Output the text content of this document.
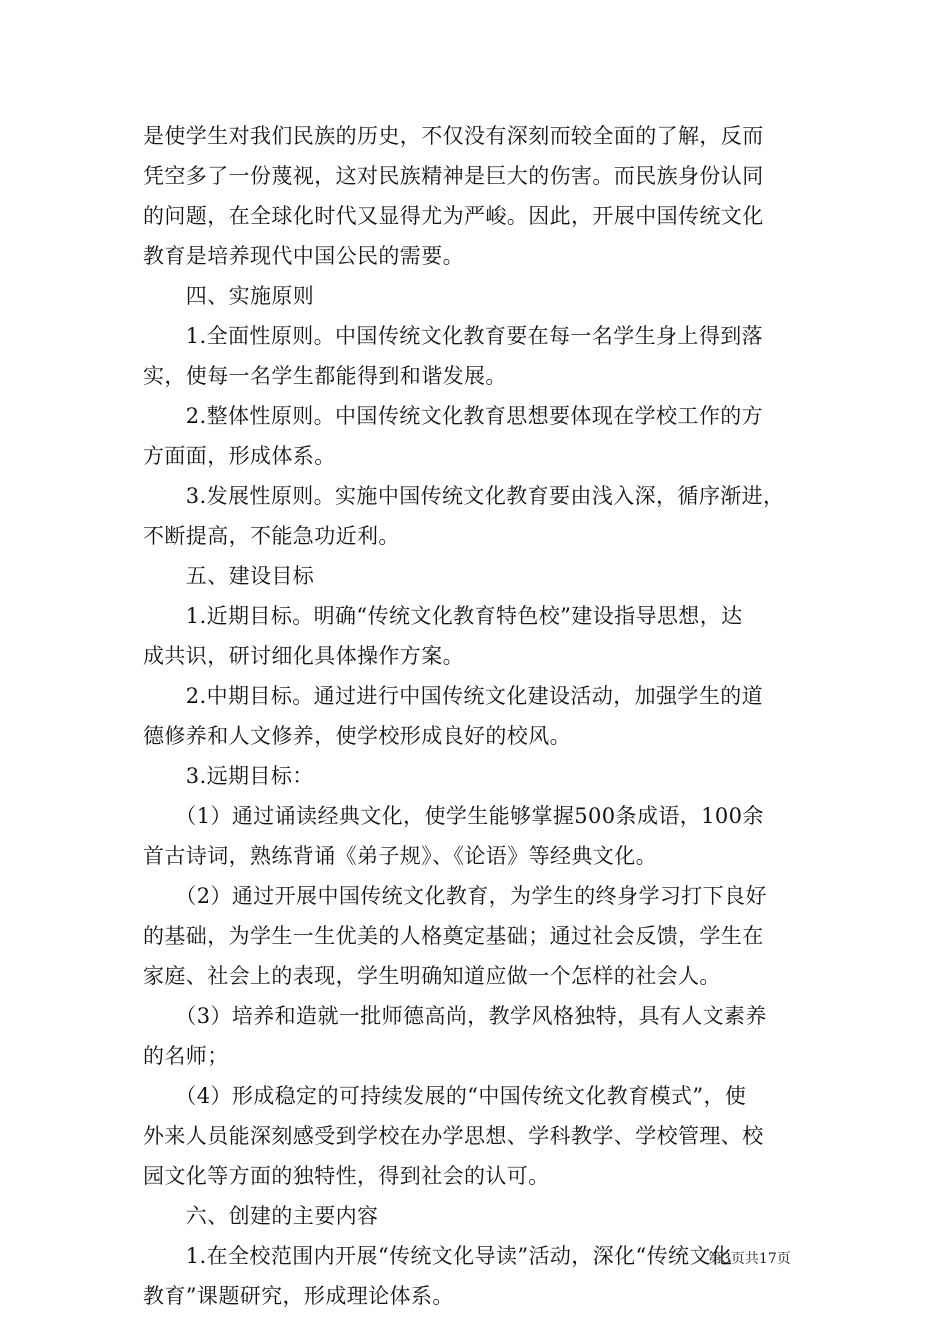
是使学生对我们民族的历史，不仅没有深刻而较全面的了解，反而
凭空多了一份蔑视，这对民族精神是巨大的伤害。而民族身份认同
的问题，在全球化时代又显得尤为严峻。因此，开展中国传统文化
教育是培养现代中国公民的需要。
　　四、实施原则
　　1.全面性原则。中国传统文化教育要在每一名学生身上得到落
实，使每一名学生都能得到和谐发展。
　　2.整体性原则。中国传统文化教育思想要体现在学校工作的方
方面面，形成体系。
　　3.发展性原则。实施中国传统文化教育要由浅入深，循序渐进，
不断提高，不能急功近利。
　　五、建设目标
　　1.近期目标。明确“传统文化教育特色校”建设指导思想，达
成共识，研讨细化具体操作方案。
　　2.中期目标。通过进行中国传统文化建设活动，加强学生的道
德修养和人文修养，使学校形成良好的校风。
　　3.远期目标：
　　（1）通过诵读经典文化，使学生能够掌握500条成语，100余
首古诗词，熟练背诵《弟子规》、《论语》等经典文化。
　　（2）通过开展中国传统文化教育，为学生的终身学习打下良好
的基础，为学生一生优美的人格奠定基础；通过社会反馈，学生在
家庭、社会上的表现，学生明确知道应做一个怎样的社会人。
　　（3）培养和造就一批师德高尚，教学风格独特，具有人文素养
的名师；
　　（4）形成稳定的可持续发展的“中国传统文化教育模式”，使
外来人员能深刻感受到学校在办学思想、学科教学、学校管理、校
园文化等方面的独特性，得到社会的认可。
　　六、创建的主要内容
　　1.在全校范围内开展“传统文化导读”活动，深化“传统文化
教育”课题研究，形成理论体系。

第3页共17页
